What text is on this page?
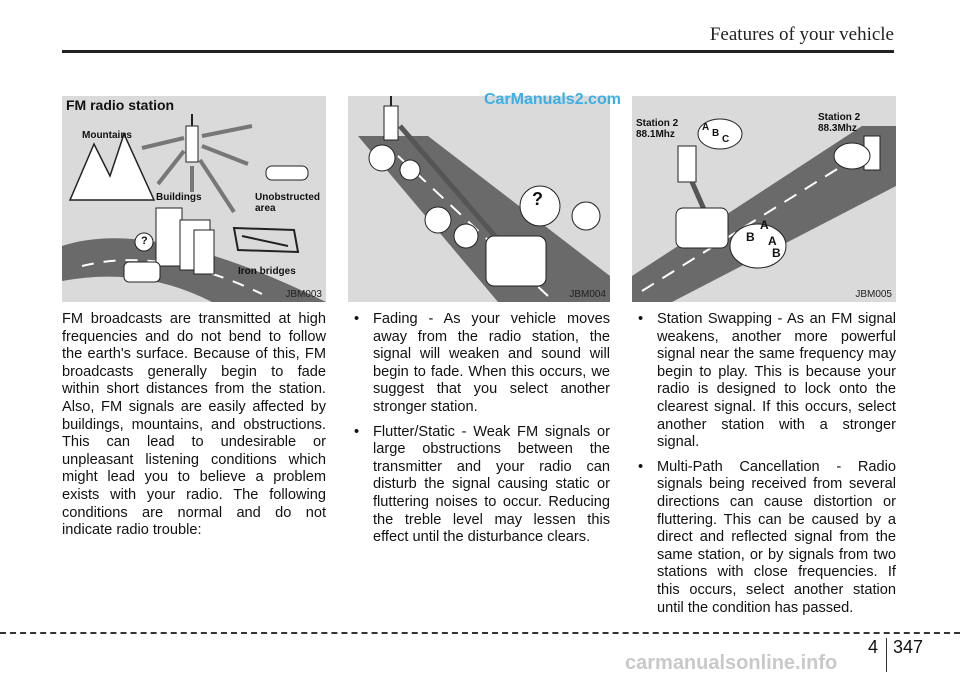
Features of your vehicle
FM radio station
Mountains
Buildings	Unobstructed area
Iron bridges
?
JBM003
?
JBM004
Station 2
88.1Mhz
Station 2
88.3Mhz
A
B
C
A
B A
B
JBM005
CarManuals2.com

FM broadcasts are transmitted at high frequencies and do not bend to follow the earth's surface. Because of this, FM broadcasts generally begin to fade within short distances from the station. Also, FM signals are easily affected by buildings, mountains, and obstructions. This can lead to undesirable or unpleasant listening conditions which might lead you to believe a problem exists with your radio. The following conditions are normal and do not indicate radio trouble:

• Fading - As your vehicle moves away from the radio station, the signal will weaken and sound will begin to fade. When this occurs, we suggest that you select another stronger station.
• Flutter/Static - Weak FM signals or large obstructions between the transmitter and your radio can disturb the signal causing static or fluttering noises to occur. Reducing the treble level may lessen this effect until the disturbance clears.
• Station Swapping - As an FM signal weakens, another more powerful signal near the same frequency may begin to play. This is because your radio is designed to lock onto the clearest signal. If this occurs, select another station with a stronger signal.
• Multi-Path Cancellation - Radio signals being received from several directions can cause distortion or fluttering. This can be caused by a direct and reflected signal from the same station, or by signals from two stations with close frequencies. If this occurs, select another station until the condition has passed.
4 347
carmanualsonline.info
